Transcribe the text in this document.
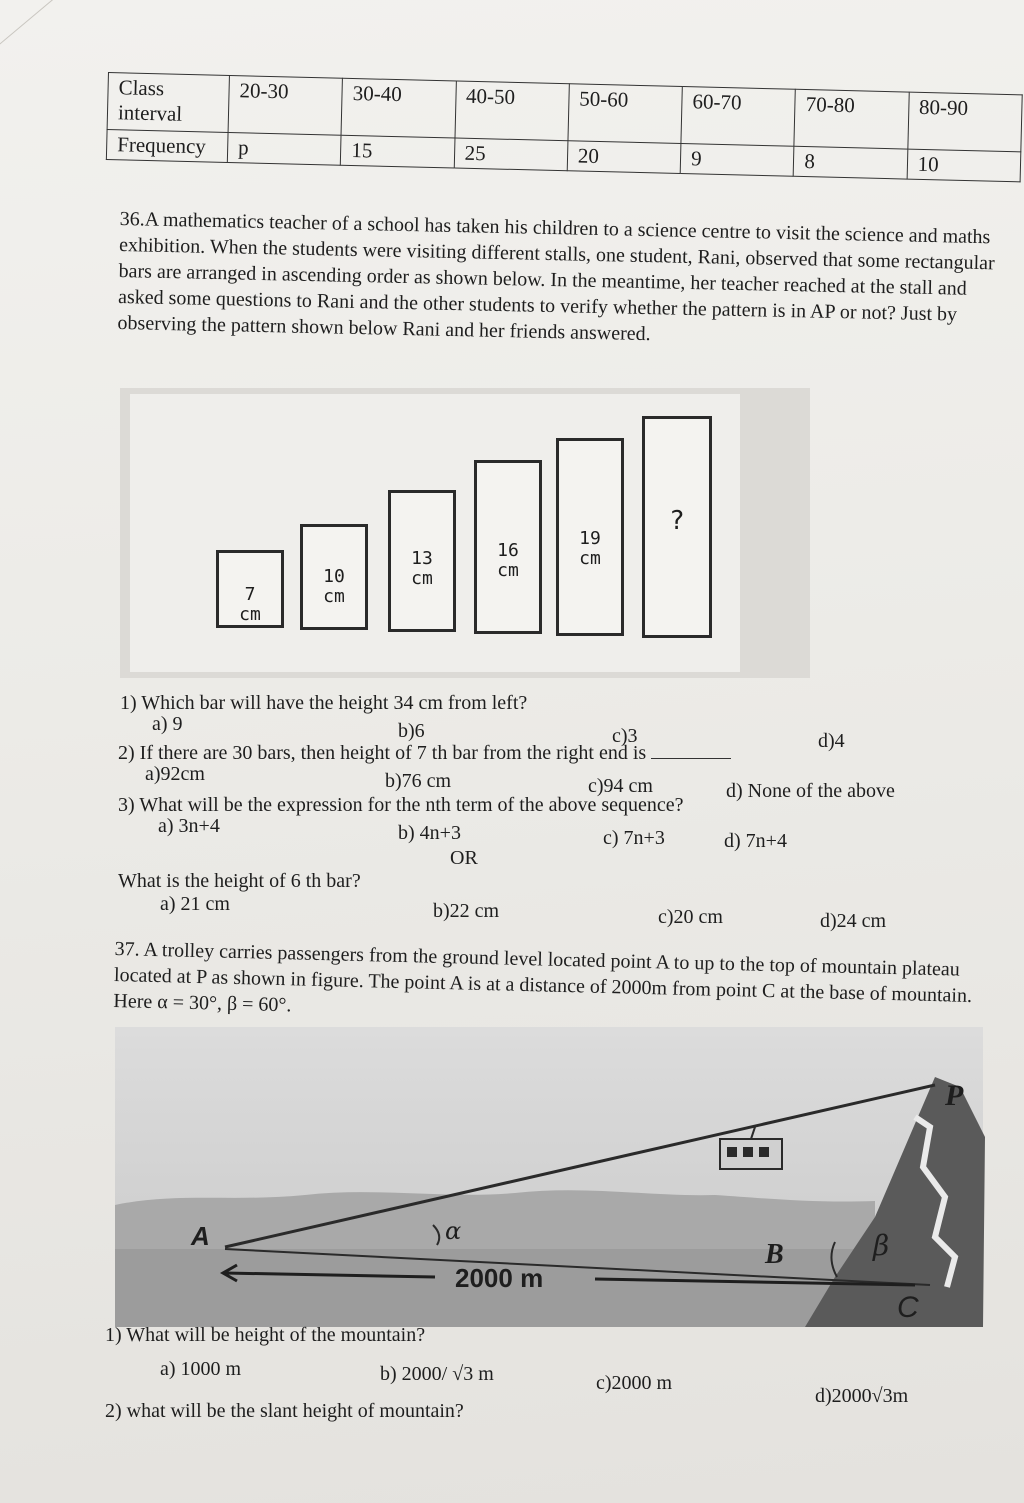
Class interval	20-30	30-40	40-50	50-60	60-70	70-80	80-90
Frequency	p	15	25	20	9	8	10
36.A mathematics teacher of a school has taken his children to a science centre to visit the science and maths exhibition. When the students were visiting different stalls, one student, Rani, observed that some rectangular bars are arranged in ascending order as shown below. In the meantime, her teacher reached at the stall and asked some questions to Rani and the other students to verify whether the pattern is in AP or not? Just by observing the pattern shown below Rani and her friends answered.
7
cm
10
cm
13
cm
16
cm
19
cm
?
1) Which bar will have the height 34 cm from left?
a) 9	b)6	c)3	d)4
2) If there are 30 bars, then height of 7 th bar from the right end is
a)92cm	b)76 cm	c)94 cm	d) None of the above
3) What will be the expression for the nth term of the above sequence?
a) 3n+4	b) 4n+3	c) 7n+3	d) 7n+4
OR
What is the height of 6 th bar?
a) 21 cm	b)22 cm	c)20 cm	d)24 cm
37. A trolley carries passengers from the ground level located point A to up to the top of mountain plateau located at P as shown in figure. The point A is at a distance of 2000m from point C at the base of mountain. Here α = 30°, β = 60°.
A
P
B
C
α	β
2000 m
1) What will be height of the mountain?
a) 1000 m	b) 2000/ √3 m	c)2000 m
d)2000√3m
2) what will be the slant height of mountain?
